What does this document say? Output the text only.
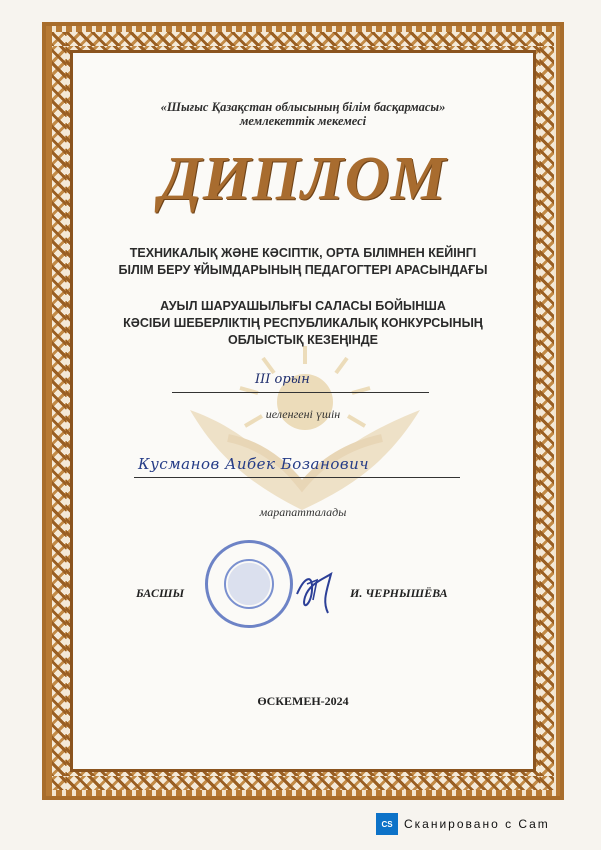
«Шығыс Қазақстан облысының білім басқармасы»
мемлекеттік мекемесі
ДИПЛОМ
ТЕХНИКАЛЫҚ ЖӘНЕ КӘСІПТІК, ОРТА БІЛІМНЕН КЕЙІНГІ
БІЛІМ БЕРУ ҰЙЫМДАРЫНЫҢ ПЕДАГОГТЕРІ АРАСЫНДАҒЫ
АУЫЛ ШАРУАШЫЛЫҒЫ САЛАСЫ БОЙЫНША
КӘСІБИ ШЕБЕРЛІКТІҢ РЕСПУБЛИКАЛЫҚ КОНКУРСЫНЫҢ
ОБЛЫСТЫҚ КЕЗЕҢІНДЕ
III орын
иеленгені үшін
Кусманов Аибек Бозанович
марапатталады
БАСШЫ	И. ЧЕРНЫШЁВА
ӨСКЕМЕН-2024
CS Сканировано с Cam
